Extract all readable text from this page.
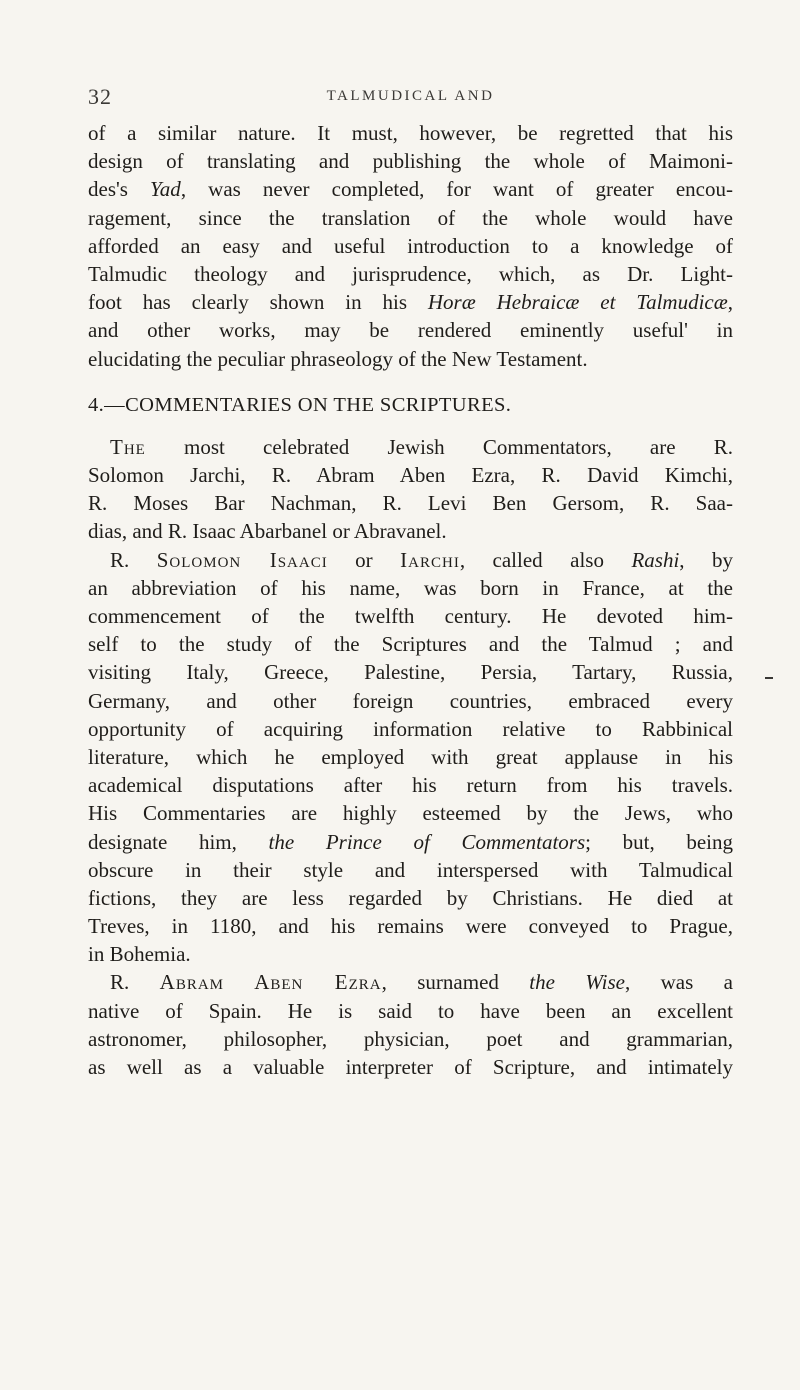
32	TALMUDICAL AND
of a similar nature. It must, however, be regretted that his
design of translating and publishing the whole of Maimoni-
des's Yad, was never completed, for want of greater encou-
ragement, since the translation of the whole would have
afforded an easy and useful introduction to a knowledge of
Talmudic theology and jurisprudence, which, as Dr. Light-
foot has clearly shown in his Horæ Hebraicæ et Talmudicæ,
and other works, may be rendered eminently useful' in
elucidating the peculiar phraseology of the New Testament.
4.—COMMENTARIES ON THE SCRIPTURES.
The most celebrated Jewish Commentators, are R.
Solomon Jarchi, R. Abram Aben Ezra, R. David Kimchi,
R. Moses Bar Nachman, R. Levi Ben Gersom, R. Saa-
dias, and R. Isaac Abarbanel or Abravanel.
R. Solomon Isaaci or Iarchi, called also Rashi, by
an abbreviation of his name, was born in France, at the
commencement of the twelfth century. He devoted him-
self to the study of the Scriptures and the Talmud ; and
visiting Italy, Greece, Palestine, Persia, Tartary, Russia,
Germany, and other foreign countries, embraced every
opportunity of acquiring information relative to Rabbinical
literature, which he employed with great applause in his
academical disputations after his return from his travels.
His Commentaries are highly esteemed by the Jews, who
designate him, the Prince of Commentators; but, being
obscure in their style and interspersed with Talmudical
fictions, they are less regarded by Christians. He died at
Treves, in 1180, and his remains were conveyed to Prague,
in Bohemia.
R. Abram Aben Ezra, surnamed the Wise, was a
native of Spain. He is said to have been an excellent
astronomer, philosopher, physician, poet and grammarian,
as well as a valuable interpreter of Scripture, and intimately
